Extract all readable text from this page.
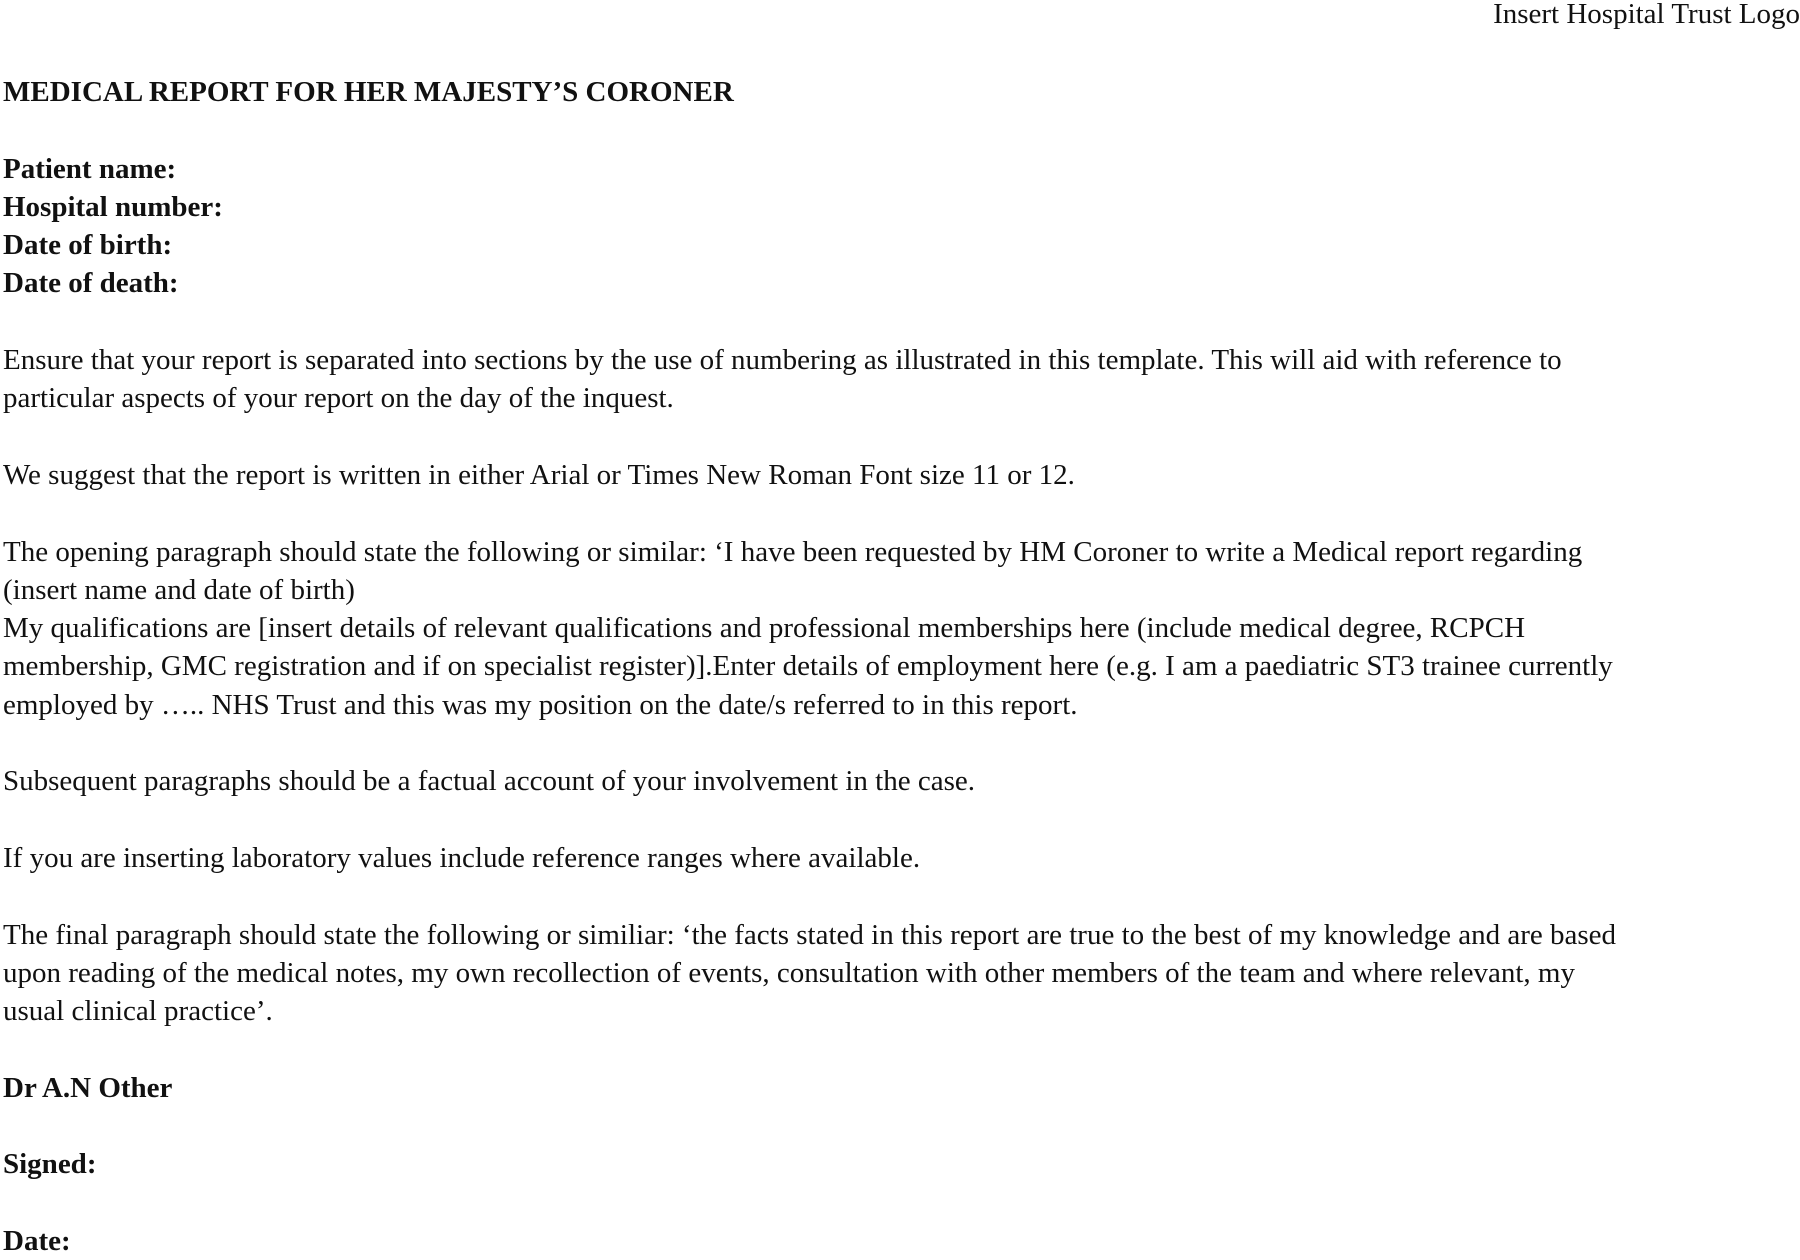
Insert Hospital Trust Logo
MEDICAL REPORT FOR HER MAJESTY’S CORONER
Patient name:
Hospital number:
Date of birth:
Date of death:
Ensure that your report is separated into sections by the use of numbering as illustrated in this template. This will aid with reference to
particular aspects of your report on the day of the inquest.
We suggest that the report is written in either Arial or Times New Roman Font size 11 or 12.
The opening paragraph should state the following or similar: ‘I have been requested by HM Coroner to write a Medical report regarding
(insert name and date of birth)
My qualifications are [insert details of relevant qualifications and professional memberships here (include medical degree, RCPCH
membership, GMC registration and if on specialist register)].Enter details of employment here (e.g. I am a paediatric ST3 trainee currently
employed by ….. NHS Trust and this was my position on the date/s referred to in this report.
Subsequent paragraphs should be a factual account of your involvement in the case.
If you are inserting laboratory values include reference ranges where available.
The final paragraph should state the following or similiar: ‘the facts stated in this report are true to the best of my knowledge and are based
upon reading of the medical notes, my own recollection of events, consultation with other members of the team and where relevant, my
usual clinical practice’.
Dr A.N Other
Signed:
Date:
